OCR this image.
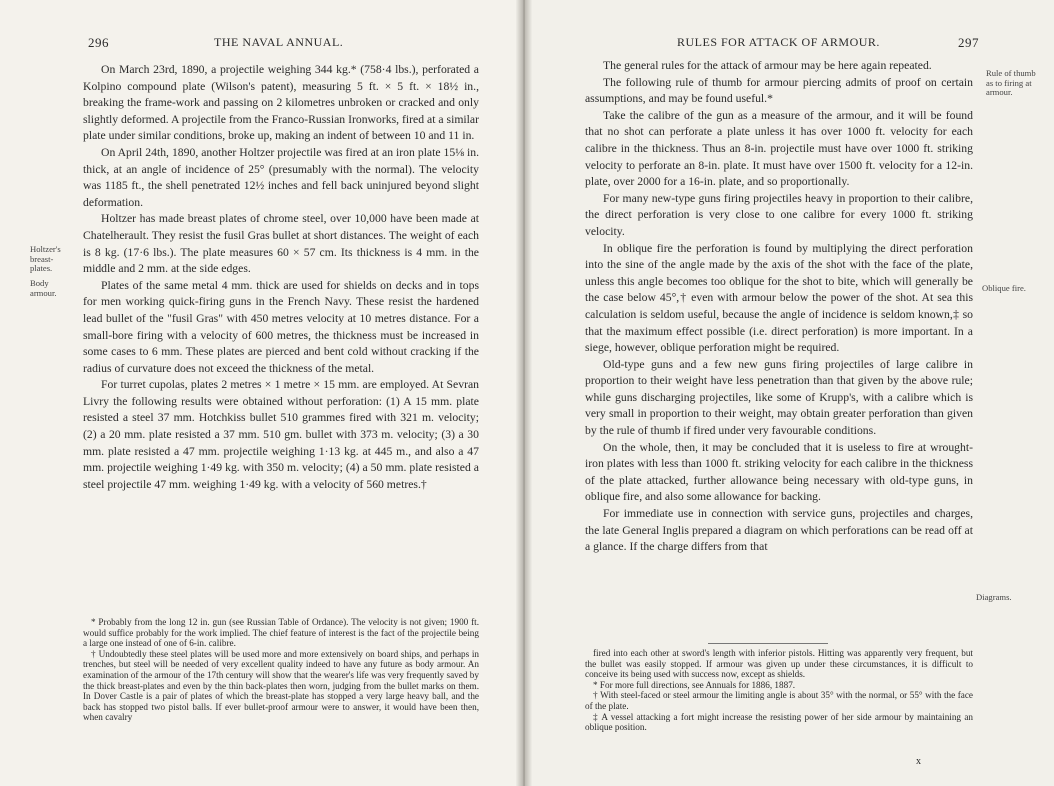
296	THE NAVAL ANNUAL.
Holtzer's breast-plates.
Body armour.

On March 23rd, 1890, a projectile weighing 344 kg.* (758·4 lbs.), perforated a Kolpino compound plate (Wilson's patent), measuring 5 ft. × 5 ft. × 18½ in., breaking the frame-work and passing on 2 kilometres unbroken or cracked and only slightly deformed. A projectile from the Franco-Russian Ironworks, fired at a similar plate under similar conditions, broke up, making an indent of between 10 and 11 in.

On April 24th, 1890, another Holtzer projectile was fired at an iron plate 15⅛ in. thick, at an angle of incidence of 25° (presumably with the normal). The velocity was 1185 ft., the shell penetrated 12½ inches and fell back uninjured beyond slight deformation.

Holtzer has made breast plates of chrome steel, over 10,000 have been made at Chatelherault. They resist the fusil Gras bullet at short distances. The weight of each is 8 kg. (17·6 lbs.). The plate measures 60 × 57 cm. Its thickness is 4 mm. in the middle and 2 mm. at the side edges.

Plates of the same metal 4 mm. thick are used for shields on decks and in tops for men working quick-firing guns in the French Navy. These resist the hardened lead bullet of the "fusil Gras" with 450 metres velocity at 10 metres distance. For a small-bore firing with a velocity of 600 metres, the thickness must be increased in some cases to 6 mm. These plates are pierced and bent cold without cracking if the radius of curvature does not exceed the thickness of the metal.

For turret cupolas, plates 2 metres × 1 metre × 15 mm. are employed. At Sevran Livry the following results were obtained without perforation: (1) A 15 mm. plate resisted a steel 37 mm. Hotchkiss bullet 510 grammes fired with 321 m. velocity; (2) a 20 mm. plate resisted a 37 mm. 510 gm. bullet with 373 m. velocity; (3) a 30 mm. plate resisted a 47 mm. projectile weighing 1·13 kg. at 445 m., and also a 47 mm. projectile weighing 1·49 kg. with 350 m. velocity; (4) a 50 mm. plate resisted a steel projectile 47 mm. weighing 1·49 kg. with a velocity of 560 metres.†

* Probably from the long 12 in. gun (see Russian Table of Ordance). The velocity is not given; 1900 ft. would suffice probably for the work implied. The chief feature of interest is the fact of the projectile being a large one instead of one of 6-in. calibre.

† Undoubtedly these steel plates will be used more and more extensively on board ships, and perhaps in trenches, but steel will be needed of very excellent quality indeed to have any future as body armour. An examination of the armour of the 17th century will show that the wearer's life was very frequently saved by the thick breast-plates and even by the thin back-plates then worn, judging from the bullet marks on them. In Dover Castle is a pair of plates of which the breast-plate has stopped a very large heavy ball, and the back has stopped two pistol balls. If ever bullet-proof armour were to answer, it would have been then, when cavalry

RULES FOR ATTACK OF ARMOUR.	297
Rule of thumb as to firing at armour.
Oblique fire.
Diagrams.

The general rules for the attack of armour may be here again repeated.

The following rule of thumb for armour piercing admits of proof on certain assumptions, and may be found useful.*

Take the calibre of the gun as a measure of the armour, and it will be found that no shot can perforate a plate unless it has over 1000 ft. velocity for each calibre in the thickness. Thus an 8-in. projectile must have over 1000 ft. striking velocity to perforate an 8-in. plate. It must have over 1500 ft. velocity for a 12-in. plate, over 2000 for a 16-in. plate, and so proportionally.

For many new-type guns firing projectiles heavy in proportion to their calibre, the direct perforation is very close to one calibre for every 1000 ft. striking velocity.

In oblique fire the perforation is found by multiplying the direct perforation into the sine of the angle made by the axis of the shot with the face of the plate, unless this angle becomes too oblique for the shot to bite, which will generally be the case below 45°,† even with armour below the power of the shot. At sea this calculation is seldom useful, because the angle of incidence is seldom known,‡ so that the maximum effect possible (i.e. direct perforation) is more important. In a siege, however, oblique perforation might be required.

Old-type guns and a few new guns firing projectiles of large calibre in proportion to their weight have less penetration than that given by the above rule; while guns discharging projectiles, like some of Krupp's, with a calibre which is very small in proportion to their weight, may obtain greater perforation than given by the rule of thumb if fired under very favourable conditions.

On the whole, then, it may be concluded that it is useless to fire at wrought-iron plates with less than 1000 ft. striking velocity for each calibre in the thickness of the plate attacked, further allowance being necessary with old-type guns, in oblique fire, and also some allowance for backing.

For immediate use in connection with service guns, projectiles and charges, the late General Inglis prepared a diagram on which perforations can be read off at a glance. If the charge differs from that

fired into each other at sword's length with inferior pistols. Hitting was apparently very frequent, but the bullet was easily stopped. If armour was given up under these circumstances, it is difficult to conceive its being used with success now, except as shields.

* For more full directions, see Annuals for 1886, 1887.

† With steel-faced or steel armour the limiting angle is about 35° with the normal, or 55° with the face of the plate.

‡ A vessel attacking a fort might increase the resisting power of her side armour by maintaining an oblique position.

x
